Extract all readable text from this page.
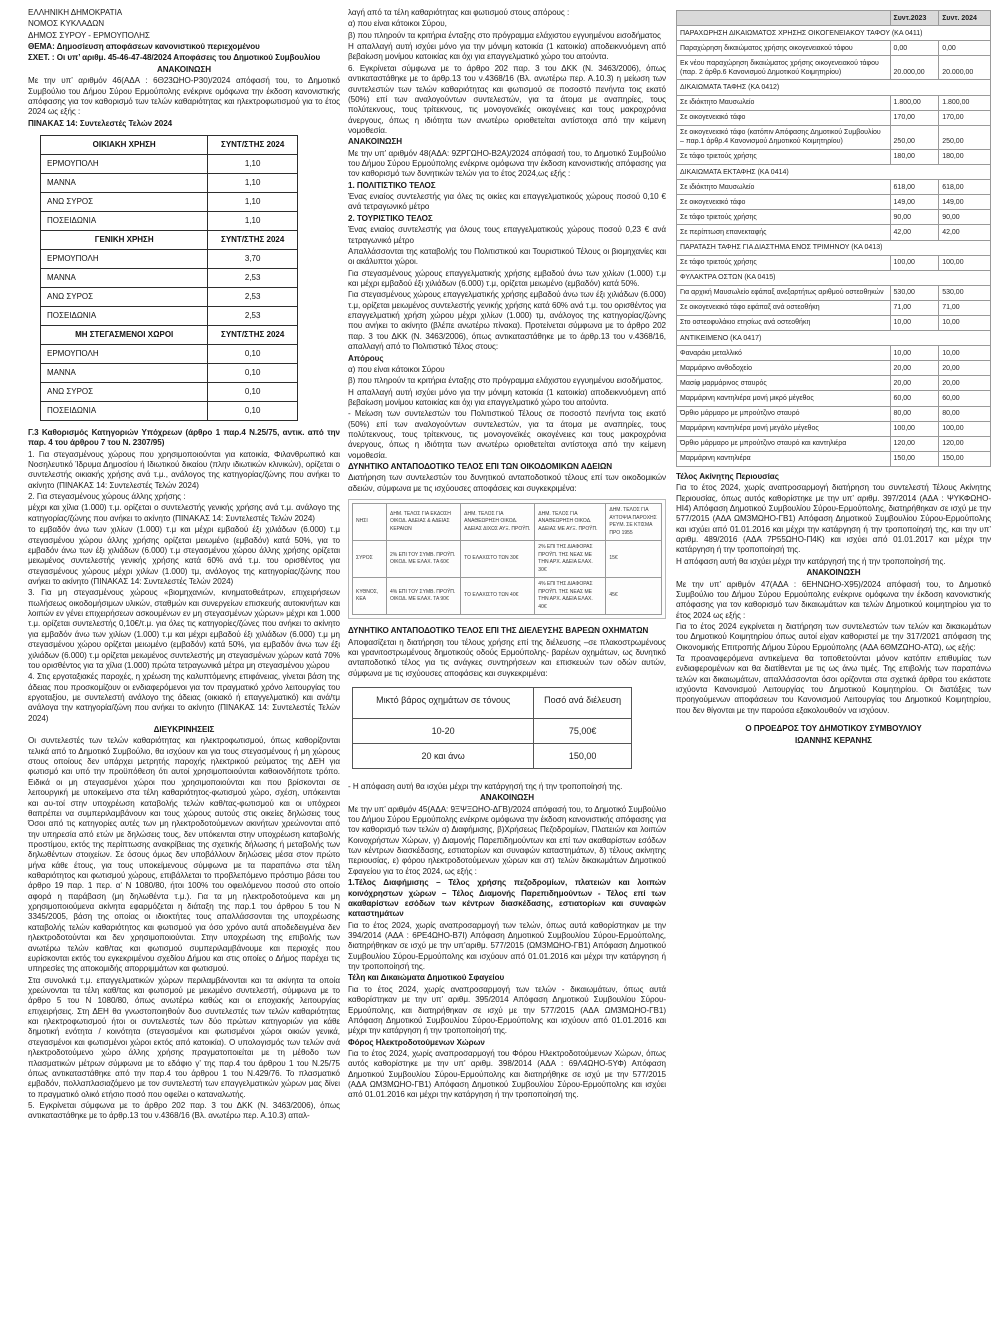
ΕΛΛΗΝΙΚΗ ΔΗΜΟΚΡΑΤΙΑ

ΝΟΜΟΣ ΚΥΚΛΑΔΩΝ

ΔΗΜΟΣ ΣΥΡΟΥ - ΕΡΜΟΥΠΟΛΗΣ

ΘΕΜΑ: Δημοσίευση αποφάσεων κανονιστικού περιεχομένου

ΣΧΕΤ. : Οι υπ’ αριθμ. 45-46-47-48/2024 Αποφάσεις του Δημοτικού Συμβουλίου

ΑΝΑΚΟΙΝΩΣΗ

Με την υπ’ αριθμόν 46(ΑΔΑ : 6Θ23ΩΗΟ-Ρ30)/2024 απόφασή του, το Δημοτικό Συμβούλιο του Δήμου Σύρου Ερμούπολης ενέκρινε ομόφωνα την έκδοση κανονιστικής απόφασης για τον καθορισμό των τελών καθαριότητας και ηλεκτροφωτισμού για το έτος 2024 ως εξής :

ΠΙΝΑΚΑΣ 14: Συντελεστές Τελών 2024

ΟΙΚΙΑΚΗ ΧΡΗΣΗ	ΣΥΝΤ/ΣΤΗΣ 2024
ΕΡΜΟΥΠΟΛΗ	1,10
ΜΑΝΝΑ	1,10
ΑΝΩ ΣΥΡΟΣ	1,10
ΠΟΣΕΙΔΩΝΙΑ	1,10
ΓΕΝΙΚΗ ΧΡΗΣΗ	ΣΥΝΤ/ΣΤΗΣ 2024
ΕΡΜΟΥΠΟΛΗ	3,70
ΜΑΝΝΑ	2,53
ΑΝΩ ΣΥΡΟΣ	2,53
ΠΟΣΕΙΔΩΝΙΑ	2,53
ΜΗ ΣΤΕΓΑΣΜΕΝΟΙ ΧΩΡΟΙ	ΣΥΝΤ/ΣΤΗΣ 2024
ΕΡΜΟΥΠΟΛΗ	0,10
ΜΑΝΝΑ	0,10
ΑΝΩ ΣΥΡΟΣ	0,10
ΠΟΣΕΙΔΩΝΙΑ	0,10

Γ.3 Καθορισμός Κατηγοριών Υπόχρεων (άρθρο 1 παρ.4 Ν.25/75, αντικ. από την παρ. 4 του άρθρου 7 του Ν. 2307/95)

1. Για στεγασμένους χώρους που χρησιμοποιούνται για κατοικία, Φιλανθρωπικό και Νοσηλευτικό Ίδρυμα Δημοσίου ή Ιδιωτικού δικαίου (πλην ιδιωτικών κλινικών), ορίζεται ο συντελεστής οικιακής χρήσης ανά τ.μ., ανάλογος της κατηγορίας/ζώνης που ανήκει το ακίνητο (ΠΙΝΑΚΑΣ 14: Συντελεστές Τελών 2024)

2. Για στεγασμένους χώρους άλλης χρήσης :

μέχρι και χίλια (1.000) τ.μ. ορίζεται ο συντελεστής γενικής χρήσης ανά τ.μ. ανάλογο της κατηγορίας/ζώνης που ανήκει το ακίνητο (ΠΙΝΑΚΑΣ 14: Συντελεστές Τελών 2024)

το εμβαδόν άνω των χιλίων (1.000) τ.μ και μέχρι εμβαδού έξι χιλιάδων (6.000) τ.μ στεγασμένου χώρου άλλης χρήσης ορίζεται μειωμένο (εμβαδόν) κατά 50%, για το εμβαδόν άνω των έξι χιλιάδων (6.000) τ.μ στεγασμένου χώρου άλλης χρήσης ορίζεται μειωμένος συντελεστής γενικής χρήσης κατά 60% ανά τ.μ. του ορισθέντος για στεγασμένους χώρους μέχρι χιλίων (1.000) τμ, ανάλογος της κατηγορίας/ζώνης που ανήκει το ακίνητο (ΠΙΝΑΚΑΣ 14: Συντελεστές Τελών 2024)

3. Για μη στεγασμένους χώρους «βιομηχανιών, κινηματοθεάτρων, επιχειρήσεων πωλήσεως οικοδομήσιμων υλικών, σταθμών και συνεργείων επισκευής αυτοκινήτων και λοιπών εν γένει επιχειρήσεων ασκουμένων εν μη στεγασμένων χώρων» μέχρι και 1.000 τ.μ. ορίζεται συντελεστής 0,10€/τ.μ. για όλες τις κατηγορίες/ζώνες που ανήκει το ακίνητο για εμβαδόν άνω των χιλίων (1.000) τ.μ και μέχρι εμβαδού έξι χιλιάδων (6.000) τ.μ μη στεγασμένου χώρου ορίζεται μειωμένο (εμβαδόν) κατά 50%, για εμβαδόν άνω των έξι χιλιάδων (6.000) τ.μ ορίζεται μειωμένος συντελεστής μη στεγασμένων χώρων κατά 70% του ορισθέντος για τα χίλια (1.000) πρώτα τετραγωνικά μέτρα μη στεγασμένου χώρου

4. Στις εργοταξιακές παροχές, η χρέωση της καλυπτόμενης επιφάνειας, γίνεται βάση της άδειας που προσκομίζουν οι ενδιαφερόμενοι για τον πραγματικό χρόνο λειτουργίας του εργοταξίου, με συντελεστή ανάλογο της άδειας (οικιακό ή επαγγελματικό) και ανά/τμ ανάλογα την κατηγορία/ζώνη που ανήκει το ακίνητο (ΠΙΝΑΚΑΣ 14: Συντελεστές Τελών 2024)

ΔΙΕΥΚΡΙΝΗΣΕΙΣ

Οι συντελεστές των τελών καθαριότητας και ηλεκτροφωτισμού, όπως καθορίζονται τελικά από το Δημοτικό Συμβούλιο, θα ισχύουν και για τους στεγασμένους ή μη χώρους στους οποίους δεν υπάρχει μετρητής παροχής ηλεκτρικού ρεύματος της ΔΕΗ για φωτισμό και υπό την προϋπόθεση ότι αυτοί χρησιμοποιούνται καθοιονδήποτε τρόπο. Ειδικά οι μη στεγασμένοι χώροι που χρησιμοποιούνται και που βρίσκονται σε λειτουργική με υποκείμενο στα τέλη καθαριότητος-φωτισμού χώρο, σχέση, υπόκεινται και αυ-τοί στην υποχρέωση καταβολής τελών καθ/τας-φωτισμού και οι υπόχρεοι θαπρέπει να συμπεριλαμβάνουν και τους χώρους αυτούς στις οικείες δηλώσεις τους Όσοι από τις κατηγορίες αυτές των μη ηλεκτροδοτούμενων ακινήτων χρεώνονται από την υπηρεσία από ετών με δηλώσεις τους, δεν υπόκεινται στην υποχρέωση καταβολής προστίμου, εκτός της περίπτωσης ανακρίβειας της σχετικής δήλωσης ή μεταβολής των δηλωθέντων στοιχείων. Σε όσους όμως δεν υποβάλλουν δηλώσεις μέσα στον πρώτο μήνα κάθε έτους, για τους υποκείμενους σύμφωνα με τα παραπάνω στα τέλη καθαριότητος και φωτισμού χώρους, επιβάλλεται το προβλεπόμενο πρόστιμο βάσει του άρθρο 19 παρ. 1 περ. α’ Ν 1080/80, ήτοι 100% του οφειλόμενου ποσού στο οποίο αφορά η παράβαση (μη δηλωθέντα τ.μ.). Για τα μη ηλεκτροδοτούμενα και μη χρησιμοποιούμενα ακίνητα εφαρμόζεται η διάταξη της παρ.1 του άρθρου 5 του Ν 3345/2005, βάση της οποίας οι ιδιοκτήτες τους απαλλάσσονται της υποχρέωσης καταβολής τελών καθαριότητος και φωτισμού για όσο χρόνο αυτά αποδεδειγμένα δεν ηλεκτροδοτούνται και δεν χρησιμοποιούνται. Στην υποχρέωση της επιβολής των ανωτέρω τελών καθ/τας και φωτισμού συμπεριλαμβάνουμε και περιοχές που ευρίσκονται εκτός του εγκεκριμένου σχεδίου Δήμου και στις οποίες ο Δήμος παρέχει τις υπηρεσίες της αποκομιδής απορριμμάτων και φωτισμού.

Στα συνολικά τ.μ. επαγγελματικών χώρων περιλαμβάνονται και τα ακίνητα τα οποία χρεώνονται τα τέλη καθ/τας και φωτισμού με μειωμένο συντελεστή, σύμφωνα με το άρθρο 5 του Ν 1080/80, όπως ανωτέρω καθώς και οι εποχιακής λειτουργίας επιχειρήσεις. Στη ΔΕΗ θα γνωστοποιηθούν δυο συντελεστές των τελών καθαριότητας και ηλεκτροφωτισμού ήτοι οι συντελεστές των δύο πρώτων κατηγοριών για κάθε δημοτική ενότητα / κοινότητα (στεγασμένοι και φωτισμένοι χώροι οικιών γενικά, στεγασμένοι και φωτισμένοι χώροι εκτός από κατοικία). Ο υπολογισμός των τελών ανά ηλεκτροδοτούμενο χώρο άλλης χρήσης πραγματοποιείται με τη μέθοδο των πλασματικών μέτρων σύμφωνα με το εδάφιο γ’ της παρ.4 του άρθρου 1 του Ν.25/75 όπως αντικαταστάθηκε από την παρ.4 του άρθρου 1 του Ν.429/76. Το πλασματικό εμβαδόν, πολλαπλασιαζόμενο με τον συντελεστή των επαγγελματικών χώρων μας δίνει το πραγματικό ολικό ετήσιο ποσό που οφείλει ο καταναλωτής.

5. Εγκρίνεται σύμφωνα με το άρθρο 202 παρ. 3 του ΔΚΚ (Ν. 3463/2006), όπως αντικαταστάθηκε με το άρθρ.13 του ν.4368/16 (Βλ. ανωτέρω περ. Α.10.3) απαλ-

λαγή από τα τέλη καθαριότητας και φωτισμού στους απόρους :

α) που είναι κάτοικοι Σύρου,

β) που πληρούν τα κριτήρια ένταξης στο πρόγραμμα ελάχιστου εγγυημένου εισοδήματος

Η απαλλαγή αυτή ισχύει μόνο για την μόνιμη κατοικία (1 κατοικία) αποδεικνυόμενη από βεβαίωση μονίμου κατοικίας και όχι για επαγγελματικό χώρο του αιτούντα.

6. Εγκρίνεται σύμφωνα με το άρθρο 202 παρ. 3 του ΔΚΚ (Ν. 3463/2006), όπως αντικαταστάθηκε με το άρθρ.13 του ν.4368/16 (Βλ. ανωτέρω περ. Α.10.3) η μείωση των συντελεστών των τελών καθαριότητας και φωτισμού σε ποσοστό πενήντα τοις εκατό (50%) επί των αναλογούντων συντελεστών, για τα άτομα με αναπηρίες, τους πολύτεκνους, τους τρίτεκνους, τις μονογονεϊκές οικογένειες και τους μακροχρόνια άνεργους, όπως η ιδιότητα των ανωτέρω οριοθετείται αντίστοιχα από την κείμενη νομοθεσία.

ΑΝΑΚΟΙΝΩΣΗ

Με την υπ’ αριθμόν 48(ΑΔΑ: 9ΖΡΓΩΗΟ-Β2Α)/2024 απόφασή του, το Δημοτικό Συμβούλιο του Δήμου Σύρου Ερμούπολης ενέκρινε ομόφωνα την έκδοση κανονιστικής απόφασης για τον καθορισμό των δυνητικών τελών για το έτος 2024,ως εξής :

1. ΠΟΛΙΤΙΣΤΙΚΟ ΤΕΛΟΣ

Ένας ενιαίος συντελεστής για όλες τις οικίες και επαγγελματικούς χώρους ποσού 0,10 € ανά τετραγωνικό μέτρο

2. ΤΟΥΡΙΣΤΙΚΟ ΤΕΛΟΣ

Ένας ενιαίος συντελεστής για όλους τους επαγγελματικούς χώρους ποσού 0,23 € ανά τετραγωνικό μέτρο

Απαλλάσσονται της καταβολής του Πολιτιστικού και Τουριστικού Τέλους οι βιομηχανίες και οι ακάλυπτοι χώροι.

Για στεγασμένους χώρους επαγγελματικής χρήσης εμβαδού άνω των χιλίων (1.000) τ.μ και μέχρι εμβαδού έξι χιλιάδων (6.000) τ.μ, ορίζεται μειωμένο (εμβαδόν) κατά 50%.

Για στεγασμένους χώρους επαγγελματικής χρήσης εμβαδού άνω των έξι χιλιάδων (6.000) τ.μ, ορίζεται μειωμένος συντελεστής γενικής χρήσης κατά 60% ανά τ.μ. του ορισθέντος για επαγγελματική χρήση χώρου μέχρι χιλίων (1.000) τμ, ανάλογος της κατηγορίας/ζώνης που ανήκει το ακίνητο (βλέπε ανωτέρω πίνακα). Προτείνεται σύμφωνα με το άρθρο 202 παρ. 3 του ΔΚΚ (Ν. 3463/2006), όπως αντικαταστάθηκε με το άρθρ.13 του ν.4368/16, απαλλαγή από το Πολιτιστικό Τέλος στους:

Απόρους

α) που είναι κάτοικοι Σύρου

β) που πληρούν τα κριτήρια ένταξης στο πρόγραμμα ελάχιστου εγγυημένου εισοδήματος.

Η απαλλαγή αυτή ισχύει μόνο για την μόνιμη κατοικία (1 κατοικία) αποδεικνυόμενη από βεβαίωση μονίμου κατοικίας και όχι για επαγγελματικό χώρο του αιτούντα.

- Μείωση των συντελεστών του Πολιτιστικού Τέλους σε ποσοστό πενήντα τοις εκατό (50%) επί των αναλογούντων συντελεστών, για τα άτομα με αναπηρίες, τους πολύτεκνους, τους τρίτεκνους, τις μονογονεϊκές οικογένειες και τους μακροχρόνια άνεργους, όπως η ιδιότητα των ανωτέρω οριοθετείται αντίστοιχα από την κείμενη νομοθεσία.

ΔΥΝΗΤΙΚΟ ΑΝΤΑΠΟΔΟΤΙΚΟ ΤΕΛΟΣ ΕΠΙ ΤΩΝ ΟΙΚΟΔΟΜΙΚΩΝ ΑΔΕΙΩΝ

Διατήρηση των συντελεστών του δυνητικού ανταποδοτικού τέλους επί των οικοδομικών αδειών, σύμφωνα με τις ισχύουσες αποφάσεις και συγκεκριμένα:

ΝΗΣΙ	ΔΗΜ. ΤΕΛΟΣ ΓΙΑ ΕΚΔΟΣΗ ΟΙΚΟΔ. ΑΔΕΙΑΣ & ΑΔΕΙΑΣ ΚΕΡΑΙΩΝ	ΔΗΜ. ΤΕΛΟΣ ΓΙΑ ΑΝΑΘΕΩΡΗΣΗ ΟΙΚΟΔ. ΑΔΕΙΑΣ ΔΙΧΩΣ ΑΥΞ. ΠΡΟΫΠ.	ΔΗΜ. ΤΕΛΟΣ ΓΙΑ ΑΝΑΘΕΩΡΗΣΗ ΟΙΚΟΔ. ΑΔΕΙΑΣ ΜΕ ΑΥΞ. ΠΡΟΫΠ.	ΔΗΜ. ΤΕΛΟΣ ΓΙΑ ΑΥΤΟΨΙΑ ΠΑΡΟΧΗΣ ΡΕΥΜ. ΣΕ ΚΤΙΣΜΑ ΠΡΟ 1955
ΣΥΡΟΣ	2% ΕΠΙ ΤΟΥ ΣΥΜΒ. ΠΡΟΫΠ. ΟΙΚΟΔ. ΜΕ ΕΛΑΧ. ΤΑ 60€	ΤΟ ΕΛΑΧΙΣΤΟ ΤΩΝ 30€	2% ΕΠΙ ΤΗΣ ΔΙΑΦΟΡΑΣ ΠΡΟΫΠ. ΤΗΣ ΝΕΑΣ ΜΕ ΤΗΝ ΑΡΧ. ΑΔΕΙΑ ΕΛΑΧ. 30€	15€
ΚΥΘΝΟΣ, ΚΕΑ	4% ΕΠΙ ΤΟΥ ΣΥΜΒ. ΠΡΟΫΠ. ΟΙΚΟΔ. ΜΕ ΕΛΑΧ. ΤΑ 90€	ΤΟ ΕΛΑΧΙΣΤΟ ΤΩΝ 40€	4% ΕΠΙ ΤΗΣ ΔΙΑΦΟΡΑΣ ΠΡΟΫΠ. ΤΗΣ ΝΕΑΣ ΜΕ ΤΗΝ ΑΡΧ. ΑΔΕΙΑ ΕΛΑΧ. 40€	45€

ΔΥΝΗΤΙΚΟ ΑΝΤΑΠΟΔΟΤΙΚΟ ΤΕΛΟΣ ΕΠΙ ΤΗΣ ΔΙΕΛΕΥΣΗΣ ΒΑΡΕΩΝ ΟΧΗΜΑΤΩΝ

Αποφασίζεται η διατήρηση του τέλους χρήσης επί της διέλευσης –σε πλακοστρωμένους και γρανιτοστρωμένους δημοτικούς οδούς Ερμούπολης- βαρέων οχημάτων, ως δυνητικό ανταποδοτικό τέλος για τις ανάγκες συντηρήσεων και επισκευών των οδών αυτών, σύμφωνα με τις ισχύουσες αποφάσεις και συγκεκριμένα:

Μικτό βάρος οχημάτων σε τόνους	Ποσό ανά διέλευση
10-20	75,00€
20 και άνω	150,00

- Η απόφαση αυτή θα ισχύει μέχρι την κατάργησή της ή την τροποποίησή της.

ΑΝΑΚΟΙΝΩΣΗ

Με την υπ’ αριθμόν 45(ΑΔΑ: 9ΞΨΞΩΗΟ-ΔΓΒ)/2024 απόφασή του, το Δημοτικό Συμβούλιο του Δήμου Σύρου Ερμούπολης ενέκρινε ομόφωνα την έκδοση κανονιστικής απόφασης για τον καθορισμό των τελών α) Διαφήμισης, β)Χρήσεως Πεζοδρομίων, Πλατειών και λοιπών Κοινοχρήστων Χώρων, γ) Διαμονής Παρεπιδημούντων και επί των ακαθαρίστων εσόδων των κέντρων διασκέδασης, εστιατορίων και συναφών καταστημάτων, δ) τέλους ακίνητης περιουσίας, ε) φόρου ηλεκτροδοτούμενων χώρων και στ) τελών δικαιωμάτων Δημοτικού Σφαγείου για το έτος 2024, ως εξής :

1.Τέλος Διαφήμισης – Τέλος χρήσης πεζοδρομίων, πλατειών και λοιπών κοινόχρηστων χώρων – Τέλος Διαμονής Παρεπιδημούντων - Τέλος επί των ακαθαρίστων εσόδων των κέντρων διασκέδασης, εστιατορίων και συναφών καταστημάτων

Για το έτος 2024, χωρίς αναπροσαρμογή των τελών, όπως αυτά καθορίστηκαν με την 394/2014 (ΑΔΑ : 6ΡΕ4ΩΗΟ-Β7Ι) Απόφαση Δημοτικού Συμβουλίου Σύρου-Ερμούπολης, διατηρήθηκαν σε ισχύ με την υπ’αριθμ. 577/2015 (ΩΜ3ΜΩΗΟ-ΓΒ1) Απόφαση Δημοτικού Συμβουλίου Σύρου-Ερμούπολης και ισχύουν από 01.01.2016 και μέχρι την κατάργηση ή την τροποποίησή της.

Τέλη και Δικαιώματα Δημοτικού Σφαγείου

Για το έτος 2024, χωρίς αναπροσαρμογή των τελών - δικαιωμάτων, όπως αυτά καθορίστηκαν με την υπ’ αριθμ. 395/2014 Απόφαση Δημοτικού Συμβουλίου Σύρου-Ερμούπολης, και διατηρήθηκαν σε ισχύ με την 577/2015 (ΑΔΑ ΩΜ3ΜΩΗΟ-ΓΒ1) Απόφαση Δημοτικού Συμβουλίου Σύρου-Ερμούπολης και ισχύουν από 01.01.2016 και μέχρι την κατάργηση ή την τροποποίησή της.

Φόρος Ηλεκτροδοτούμενων Χώρων

Για το έτος 2024, χωρίς αναπροσαρμογή του Φόρου Ηλεκτροδοτούμενων Χώρων, όπως αυτός καθορίστηκε με την υπ’ αριθμ. 398/2014 (ΑΔΑ : 69Λ4ΩΗΟ-5ΥΦ) Απόφαση Δημοτικού Συμβουλίου Σύρου-Ερμούπολης και διατηρήθηκε σε ισχύ με την 577/2015 (ΑΔΑ ΩΜ3ΜΩΗΟ-ΓΒ1) Απόφαση Δημοτικού Συμβουλίου Σύρου-Ερμούπολης και ισχύει από 01.01.2016 και μέχρι την κατάργηση ή την τροποποίησή της.

	Συντ.2023	Συντ. 2024
ΠΑΡΑΧΩΡΗΣΗ ΔΙΚΑΙΩΜΑΤΟΣ ΧΡΗΣΗΣ ΟΙΚΟΓΕΝΕΙΑΚΟΥ ΤΑΦΟΥ (ΚΑ 0411)		
Παραχώρηση δικαιώματος χρήσης οικογενειακού τάφου	0,00	0,00
Εκ νέου παραχώρηση δικαιώματος χρήσης οικογενειακού τάφου (παρ. 2 άρθρ.6 Κανονισμού Δημοτικού Κοιμητηρίου)	20.000,00	20.000,00
ΔΙΚΑΙΩΜΑΤΑ ΤΑΦΗΣ (ΚΑ 0412)		
Σε ιδιόκτητο Μαυσωλείο	1.800,00	1.800,00
Σε οικογενειακό τάφο	170,00	170,00
Σε οικογενειακό τάφο (κατόπιν Απόφασης Δημοτικού Συμβουλίου – παρ.1 άρθρ.4 Κανονισμού Δημοτικού Κοιμητηρίου)	250,00	250,00
Σε τάφο τριετούς χρήσης	180,00	180,00
ΔΙΚΑΙΩΜΑΤΑ ΕΚΤΑΦΗΣ (ΚΑ 0414)		
Σε ιδιόκτητο Μαυσωλείο	618,00	618,00
Σε οικογενειακό τάφο	149,00	149,00
Σε τάφο τριετούς χρήσης	90,00	90,00
Σε περίπτωση επανεκταφής	42,00	42,00
ΠΑΡΑΤΑΣΗ ΤΑΦΗΣ ΓΙΑ ΔΙΑΣΤΗΜΑ ΕΝΟΣ ΤΡΙΜΗΝΟΥ (ΚΑ 0413)		
Σε τάφο τριετούς χρήσης	100,00	100,00
ΦΥΛΑΚΤΡΑ ΟΣΤΩΝ (ΚΑ 0415)		
Για αρχική Μαυσωλείο εφάπαξ ανεξαρτήτως αριθμού οστεοθηκών	530,00	530,00
Σε οικογενειακό τάφο εφάπαξ ανά οστεοθήκη	71,00	71,00
Στο οστεοφυλάκιο ετησίως ανά οστεοθήκη	10,00	10,00
ΑΝΤΙΚΕΙΜΕΝΟ (ΚΑ 0417)		
Φαναράκι μεταλλικό	10,00	10,00
Μαρμάρινο ανθοδοχείο	20,00	20,00
Μασίφ μαρμάρινος σταυρός	20,00	20,00
Μαρμάρινη καντηλιέρα μονή μικρό μέγεθος	60,00	60,00
Όρθιο μάρμαρο με μπρούτζινο σταυρό	80,00	80,00
Μαρμάρινη καντηλιέρα μονή μεγάλο μέγεθος	100,00	100,00
Όρθιο μάρμαρο με μπρούτζινο σταυρό και καντηλιέρα	120,00	120,00
Μαρμάρινη καντηλιέρα	150,00	150,00

Τέλος Ακίνητης Περιουσίας

Για το έτος 2024, χωρίς αναπροσαρμογή διατήρηση του συντελεστή Τέλους Ακίνητης Περιουσίας, όπως αυτός καθορίστηκε με την υπ’ αριθμ. 397/2014 (ΑΔΑ : ΨΥΚΦΩΗΟ-ΗΙ4) Απόφαση Δημοτικού Συμβουλίου Σύρου-Ερμούπολης, διατηρήθηκαν σε ισχύ με την 577/2015 (ΑΔΑ ΩΜ3ΜΩΗΟ-ΓΒ1) Απόφαση Δημοτικού Συμβουλίου Σύρου-Ερμούπολης και ισχύει από 01.01.2016 και μέχρι την κατάργηση ή την τροποποίησή της, και την υπ’ αριθμ. 489/2016 (ΑΔΑ 7Ρ55ΩΗΟ-Π4Κ) και ισχύει από 01.01.2017 και μέχρι την κατάργηση ή την τροποποίησή της.

Η απόφαση αυτή θα ισχύει μέχρι την κατάργησή της ή την τροποποίησή της.

ΑΝΑΚΟΙΝΩΣΗ

Με την υπ’ αριθμόν 47(ΑΔΑ : 6ΕΗΝΩΗΟ-Χ95)/2024 απόφασή του, το Δημοτικό Συμβούλιο του Δήμου Σύρου Ερμούπολης ενέκρινε ομόφωνα την έκδοση κανονιστικής απόφασης για τον καθορισμό των δικαιωμάτων και τελών Δημοτικού κοιμητηρίου για το έτος 2024 ως εξής :

Για το έτος 2024 εγκρίνεται η διατήρηση των συντελεστών των τελών και δικαιωμάτων του Δημοτικού Κοιμητηρίου όπως αυτοί είχαν καθοριστεί με την 317/2021 απόφαση της Οικονομικής Επιτροπής Δήμου Σύρου Ερμούπολης (ΑΔΑ 6ΘΜΖΩΗΟ-ΑΤΩ), ως εξής:

Τα προαναφερόμενα αντικείμενα θα τοποθετούνται μόνον κατόπιν επιθυμίας των ενδιαφερομένων και θα διατίθενται με τις ως άνω τιμές. Της επιβολής των παραπάνω τελών και δικαιωμάτων, απαλλάσσονται όσοι ορίζονται στα σχετικά άρθρα του εκάστοτε ισχύοντα Κανονισμού Λειτουργίας του Δημοτικού Κοιμητηρίου. Οι διατάξεις των προηγούμενων αποφάσεων του Κανονισμού Λειτουργίας του Δημοτικού Κοιμητηρίου, που δεν θίγονται με την παρούσα εξακολουθούν να ισχύουν.

Ο ΠΡΟΕΔΡΟΣ ΤΟΥ ΔΗΜΟΤΙΚΟΥ ΣΥΜΒΟΥΛΙΟΥ

ΙΩΑΝΝΗΣ ΚΕΡΑΝΗΣ
